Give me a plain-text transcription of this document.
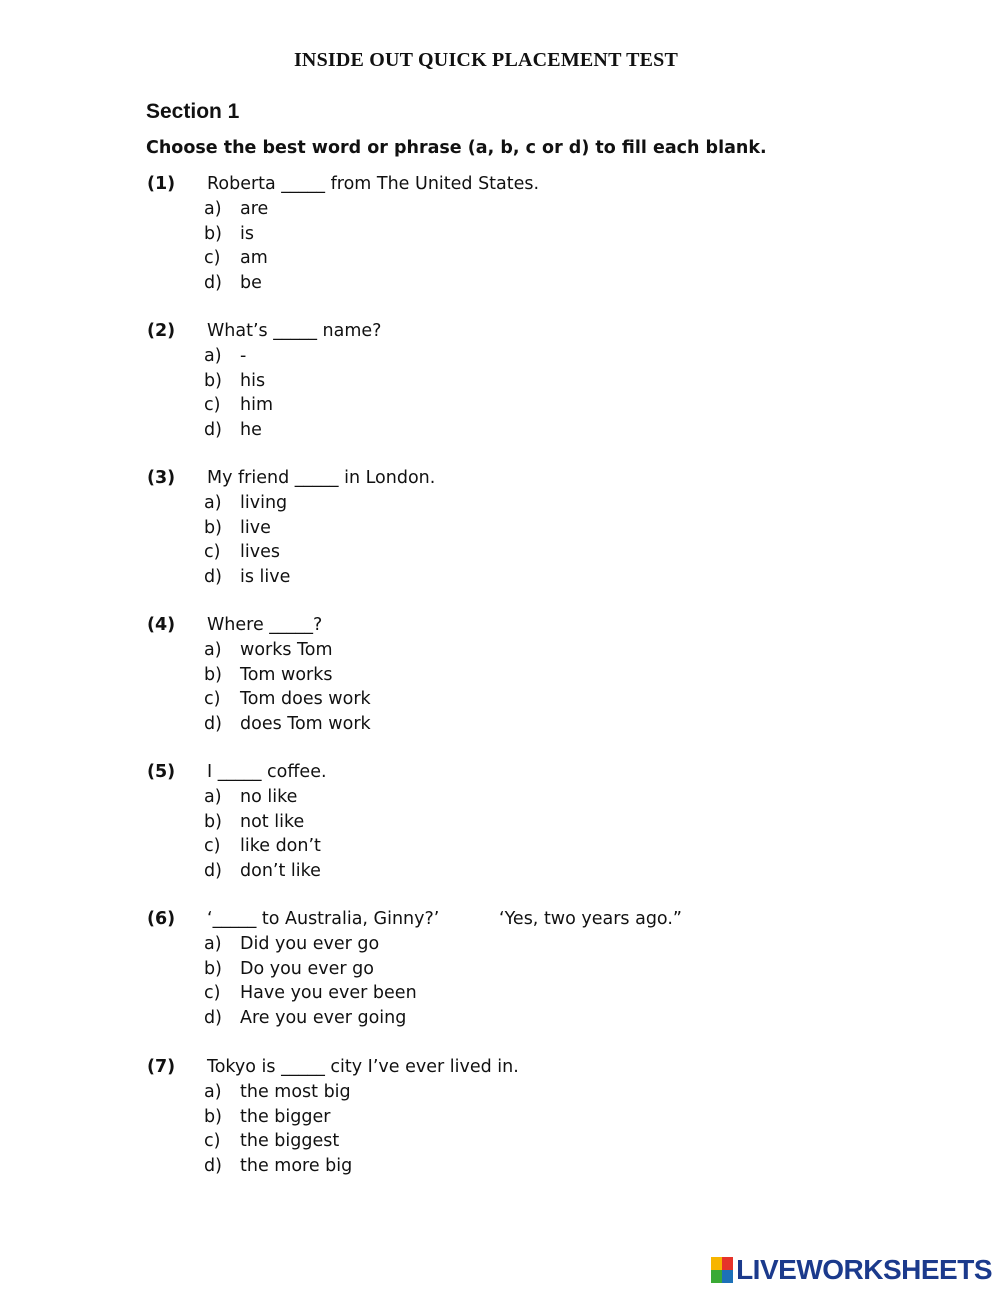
INSIDE OUT QUICK PLACEMENT TEST
Section 1
Choose the best word or phrase (a, b, c or d) to fill each blank.
(1) Roberta _____ from The United States.
a) are
b) is
c) am
d) be
(2) What’s _____ name?
a) -
b) his
c) him
d) he
(3) My friend _____ in London.
a) living
b) live
c) lives
d) is live
(4) Where _____?
a) works Tom
b) Tom works
c) Tom does work
d) does Tom work
(5) I _____ coffee.
a) no like
b) not like
c) like don’t
d) don’t like
(6) ‘_____ to Australia, Ginny?’	‘Yes, two years ago.”
a) Did you ever go
b) Do you ever go
c) Have you ever been
d) Are you ever going
(7) Tokyo is _____ city I’ve ever lived in.
a) the most big
b) the bigger
c) the biggest
d) the more big
LIVEWORKSHEETS
